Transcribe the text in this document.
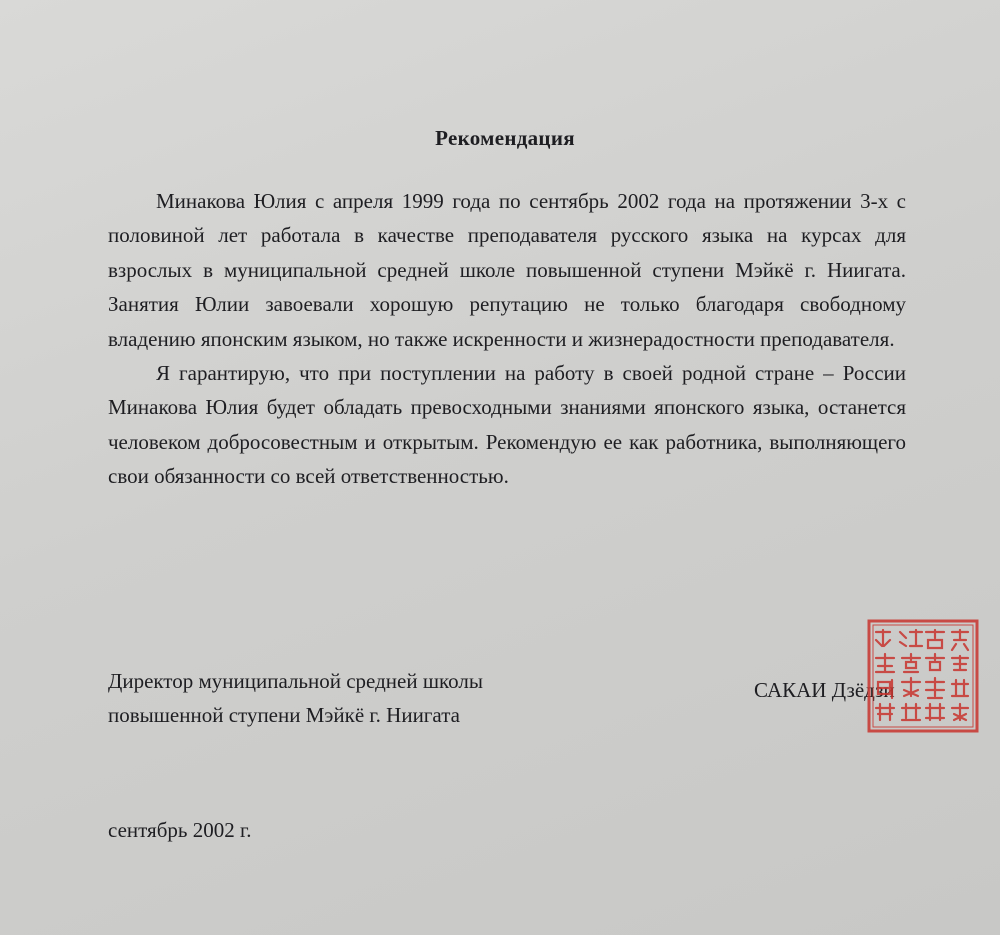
Рекомендация

Минакова Юлия с апреля 1999 года по сентябрь 2002 года на протяжении 3-х с половиной лет работала в качестве преподавателя русского языка на курсах для взрослых в муниципальной средней школе повышенной ступени Мэйкё г. Ниигата. Занятия Юлии завоевали хорошую репутацию не только благодаря свободному владению японским языком, но также искренности и жизнерадостности преподавателя.

Я гарантирую, что при поступлении на работу в своей родной стране – России Минакова Юлия будет обладать превосходными знаниями японского языка, останется человеком добросовестным и открытым. Рекомендую ее как работника, выполняющего свои обязанности со всей ответственностью.

Директор муниципальной средней школы
повышенной ступени Мэйкё г. Ниигата
САКАИ Дзёдзи
сентябрь 2002 г.
